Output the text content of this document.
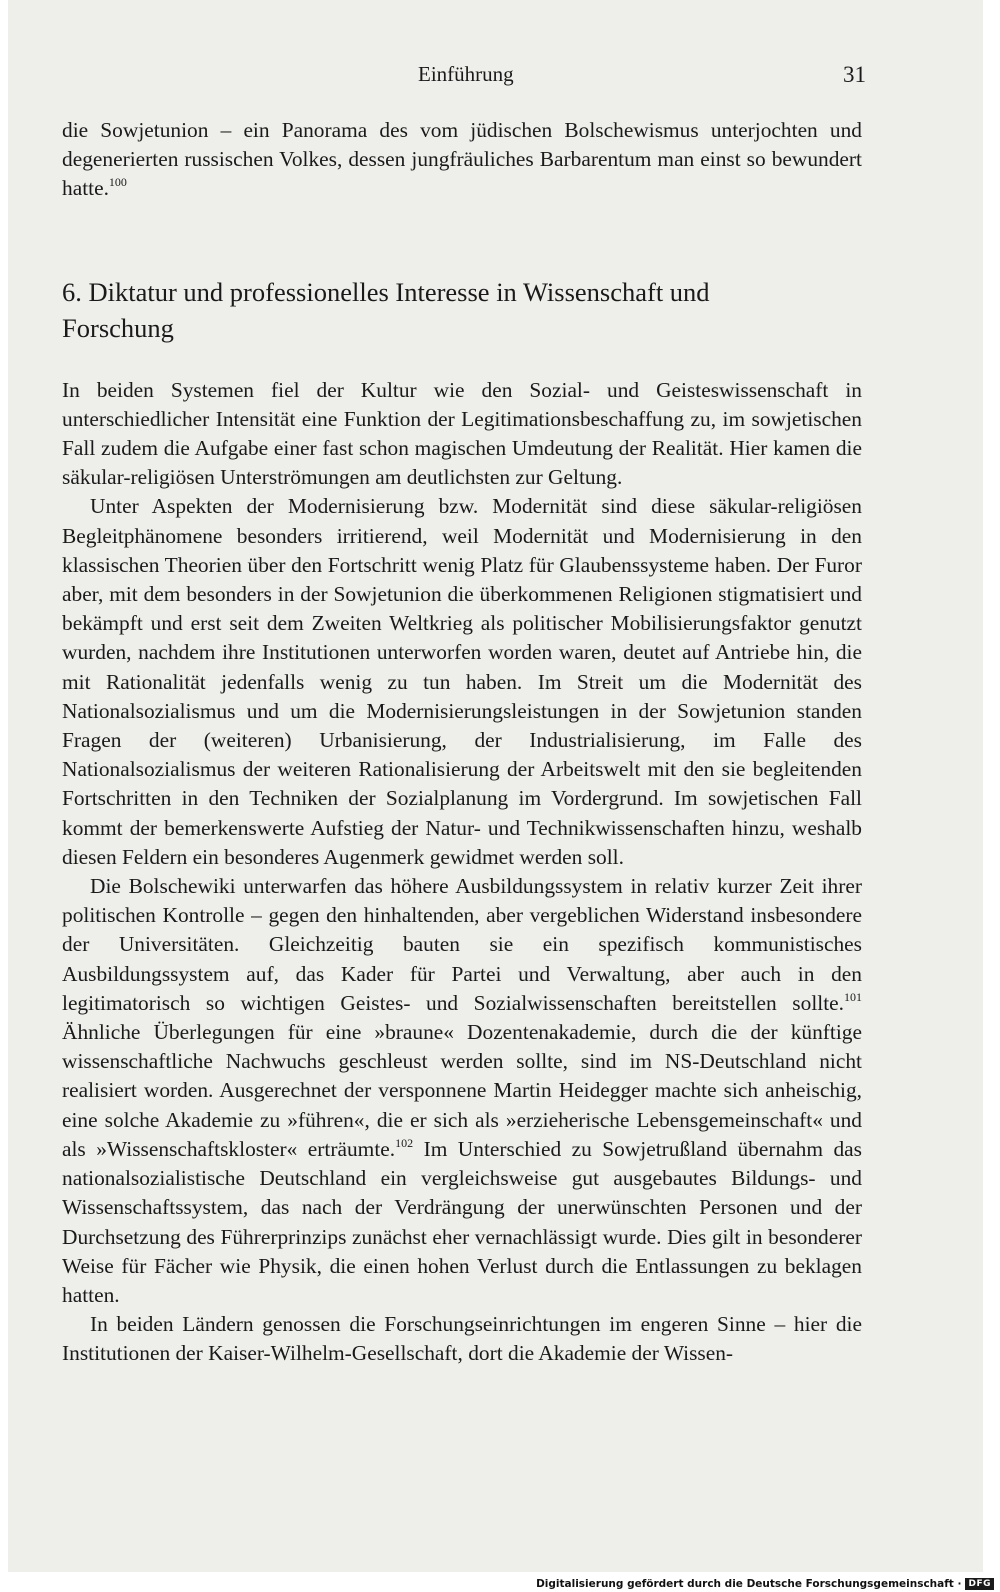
Einführung	31

die Sowjetunion – ein Panorama des vom jüdischen Bolschewismus unterjochten und degenerierten russischen Volkes, dessen jungfräuliches Barbarentum man einst so bewundert hatte.$^{100}$

6. Diktatur und professionelles Interesse in Wissenschaft und Forschung

In beiden Systemen fiel der Kultur wie den Sozial- und Geisteswissenschaft in unterschiedlicher Intensität eine Funktion der Legitimationsbeschaffung zu, im sowjetischen Fall zudem die Aufgabe einer fast schon magischen Umdeutung der Realität. Hier kamen die säkular-religiösen Unterströmungen am deutlichsten zur Geltung.

Unter Aspekten der Modernisierung bzw. Modernität sind diese säkular-religiösen Begleitphänomene besonders irritierend, weil Modernität und Modernisierung in den klassischen Theorien über den Fortschritt wenig Platz für Glaubenssysteme haben. Der Furor aber, mit dem besonders in der Sowjetunion die überkommenen Religionen stigmatisiert und bekämpft und erst seit dem Zweiten Weltkrieg als politischer Mobilisierungsfaktor genutzt wurden, nachdem ihre Institutionen unterworfen worden waren, deutet auf Antriebe hin, die mit Rationalität jedenfalls wenig zu tun haben. Im Streit um die Modernität des Nationalsozialismus und um die Modernisierungsleistungen in der Sowjetunion standen Fragen der (weiteren) Urbanisierung, der Industrialisierung, im Falle des Nationalsozialismus der weiteren Rationalisierung der Arbeitswelt mit den sie begleitenden Fortschritten in den Techniken der Sozialplanung im Vordergrund. Im sowjetischen Fall kommt der bemerkenswerte Aufstieg der Natur- und Technikwissenschaften hinzu, weshalb diesen Feldern ein besonderes Augenmerk gewidmet werden soll.

Die Bolschewiki unterwarfen das höhere Ausbildungssystem in relativ kurzer Zeit ihrer politischen Kontrolle – gegen den hinhaltenden, aber vergeblichen Widerstand insbesondere der Universitäten. Gleichzeitig bauten sie ein spezifisch kommunistisches Ausbildungssystem auf, das Kader für Partei und Verwaltung, aber auch in den legitimatorisch so wichtigen Geistes- und Sozialwissenschaften bereitstellen sollte.$^{101}$ Ähnliche Überlegungen für eine »braune« Dozentenakademie, durch die der künftige wissenschaftliche Nachwuchs geschleust werden sollte, sind im NS-Deutschland nicht realisiert worden. Ausgerechnet der versponnene Martin Heidegger machte sich anheischig, eine solche Akademie zu »führen«, die er sich als »erzieherische Lebensgemeinschaft« und als »Wissenschaftskloster« erträumte.$^{102}$ Im Unterschied zu Sowjetrußland übernahm das nationalsozialistische Deutschland ein vergleichsweise gut ausgebautes Bildungs- und Wissenschaftssystem, das nach der Verdrängung der unerwünschten Personen und der Durchsetzung des Führerprinzips zunächst eher vernachlässigt wurde. Dies gilt in besonderer Weise für Fächer wie Physik, die einen hohen Verlust durch die Entlassungen zu beklagen hatten.

In beiden Ländern genossen die Forschungseinrichtungen im engeren Sinne – hier die Institutionen der Kaiser-Wilhelm-Gesellschaft, dort die Akademie der Wissen-

Digitalisierung gefördert durch die Deutsche Forschungsgemeinschaft · DFG
